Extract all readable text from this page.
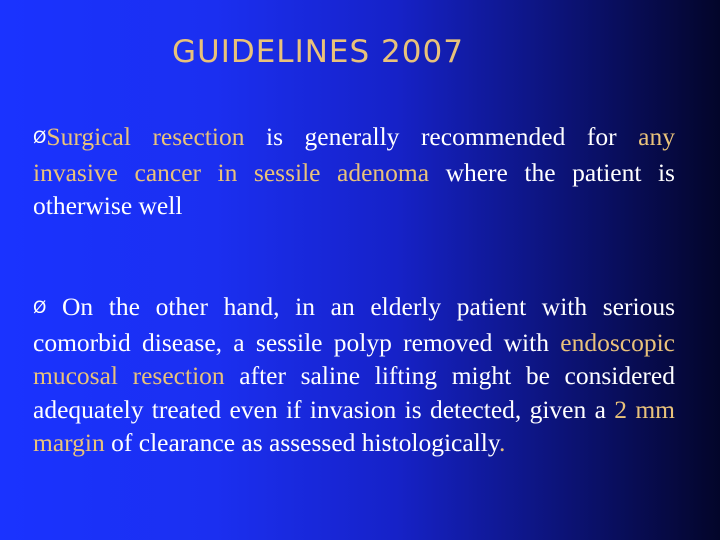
GUIDELINES 2007
ØSurgical resection is generally recommended for any invasive cancer in sessile adenoma where the patient is otherwise well
Ø On the other hand, in an elderly patient with serious comorbid disease, a sessile polyp removed with endoscopic mucosal resection after saline lifting might be considered adequately treated even if invasion is detected, given a 2 mm margin of clearance as assessed histologically.
